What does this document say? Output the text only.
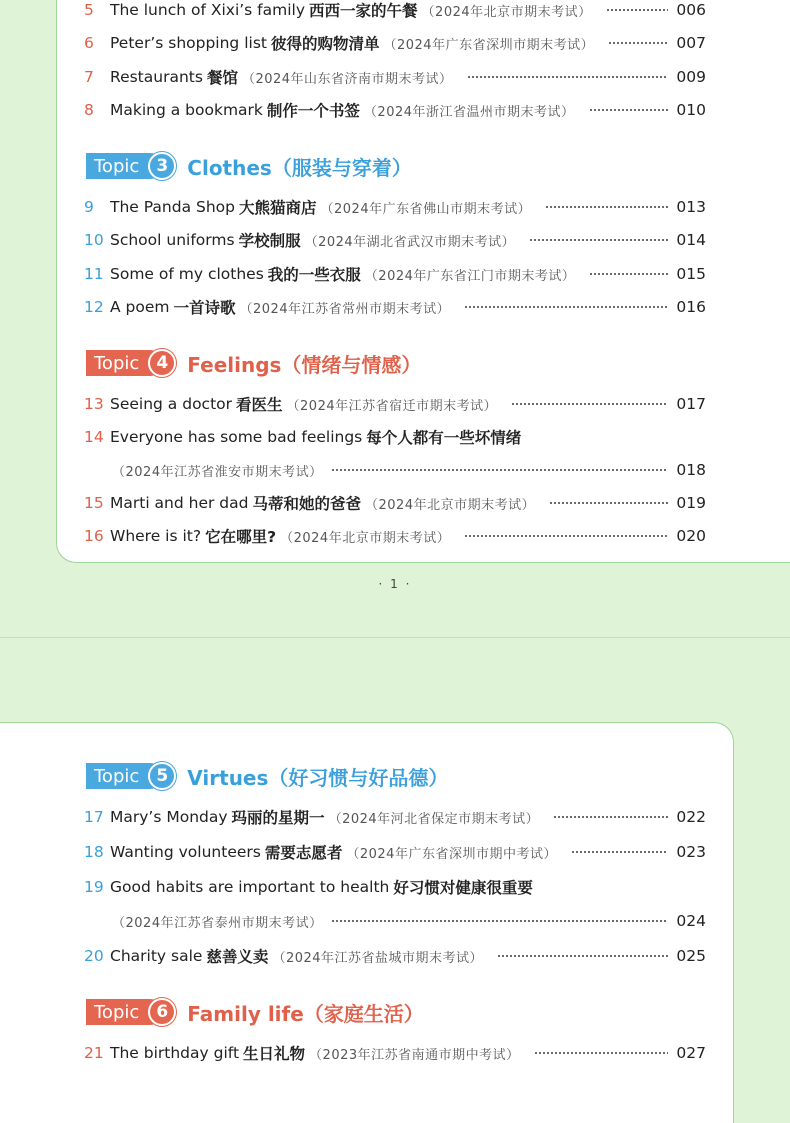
· 1 ·
5	The lunch of Xixi’s family 西西一家的午餐 （2024年北京市期末考试）	006
6	Peter’s shopping list 彼得的购物清单 （2024年广东省深圳市期末考试）	007
7	Restaurants 餐馆 （2024年山东省济南市期末考试）	009
8	Making a bookmark 制作一个书签 （2024年浙江省温州市期末考试）	010
Topic	3 Clothes（服装与穿着）
9	The Panda Shop 大熊猫商店 （2024年广东省佛山市期末考试）	013
10 School uniforms 学校制服 （2024年湖北省武汉市期末考试）	014
11 Some of my clothes 我的一些衣服 （2024年广东省江门市期末考试）	015
12 A poem 一首诗歌 （2024年江苏省常州市期末考试）	016
Topic	4 Feelings（情绪与情感）
13 Seeing a doctor 看医生 （2024年江苏省宿迁市期末考试）	017
14 Everyone has some bad feelings 每个人都有一些坏情绪
（2024年江苏省淮安市期末考试）	018
15 Marti and her dad 马蒂和她的爸爸 （2024年北京市期末考试）	019
16 Where is it? 它在哪里? （2024年北京市期末考试）	020
Topic	5 Virtues（好习惯与好品德）
17 Mary’s Monday 玛丽的星期一 （2024年河北省保定市期末考试）	022
18 Wanting volunteers 需要志愿者 （2024年广东省深圳市期中考试）	023
19 Good habits are important to health 好习惯对健康很重要
（2024年江苏省泰州市期末考试）	024
20 Charity sale 慈善义卖 （2024年江苏省盐城市期末考试）	025
Topic	6 Family life（家庭生活）
21 The birthday gift 生日礼物 （2023年江苏省南通市期中考试）	027
